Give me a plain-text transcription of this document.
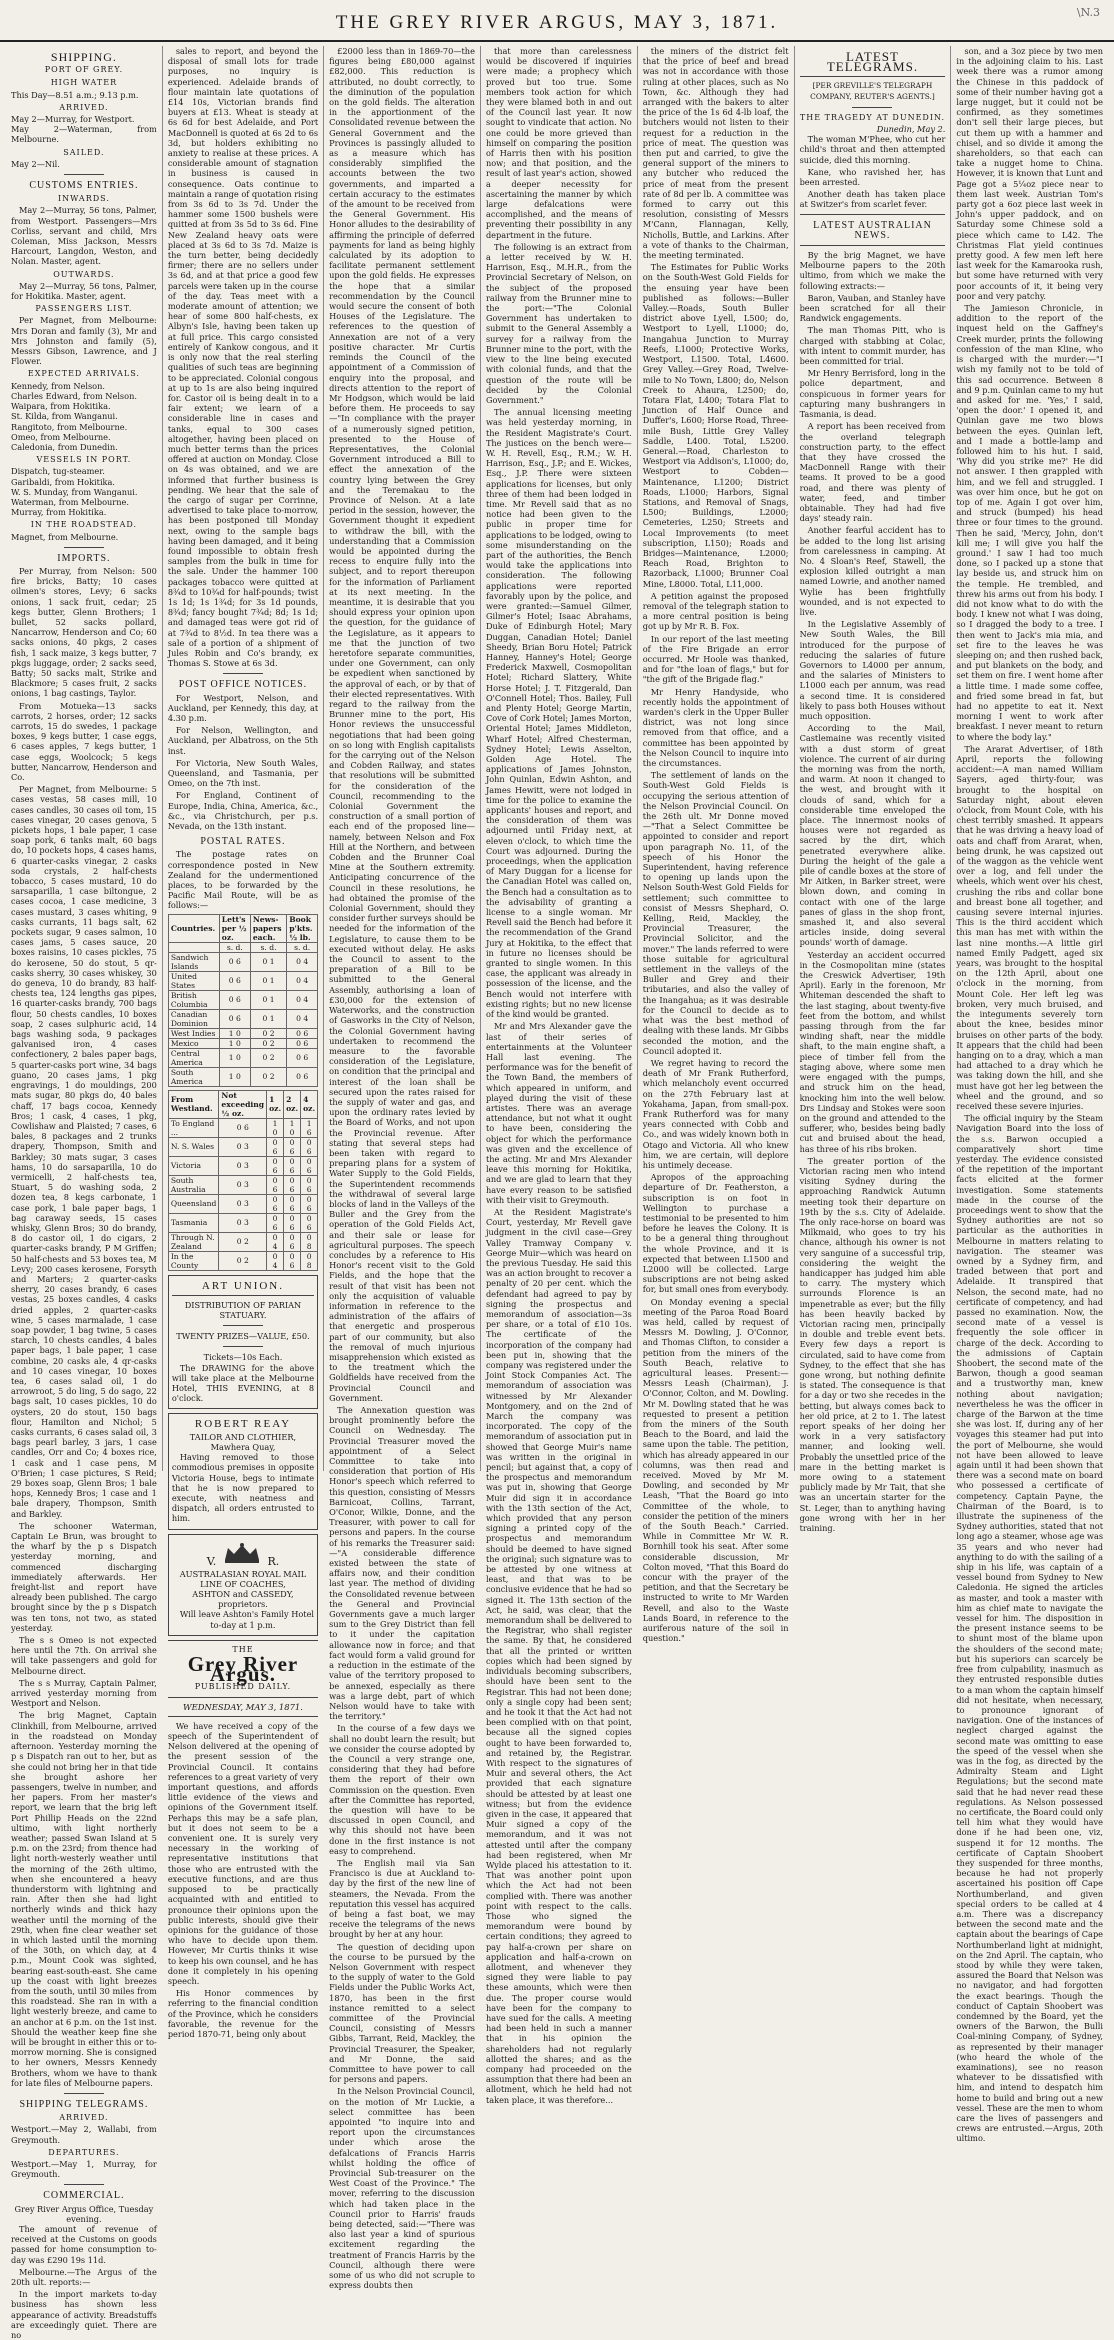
THE GREY RIVER ARGUS, MAY 3, 1871.	\N.3
SHIPPING.
PORT OF GREY.
HIGH WATER

This Day—8.51 a.m.; 9.13 p.m.

ARRIVED.

May 2—Murray, for Westport.

May 2—Waterman, from Melbourne.

SAILED.

May 2—Nil.

CUSTOMS ENTRIES.
INWARDS.

May 2—Murray, 56 tons, Palmer, from Westport. Passengers—Mrs Corliss, servant and child, Mrs Coleman, Miss Jackson, Messrs Harcourt, Langdon, Weston, and Nolan. Master, agent.

OUTWARDS.

May 2—Murray, 56 tons, Palmer, for Hokitika. Master, agent.

PASSENGERS LIST.

Per Magnet, from Melbourne: Mrs Doran and family (3), Mr and Mrs Johnston and family (5), Messrs Gibson, Lawrence, and J Flower.

EXPECTED ARRIVALS.

Kennedy, from Nelson.

Charles Edward, from Nelson.

Waipara, from Hokitika.

St. Kilda, from Wanganui.

Rangitoto, from Melbourne.

Omeo, from Melbourne.

Caledonia, from Dunedin.

VESSELS IN PORT.

Dispatch, tug-steamer.

Garibaldi, from Hokitika.

W. S. Munday, from Wanganui.

Waterman, from Melbourne.

Murray, from Hokitika.

IN THE ROADSTEAD.

Magnet, from Melbourne.

IMPORTS.

Per Murray, from Nelson: 500 fire bricks, Batty; 10 cases oilmen's stores, Levy; 6 sacks onions, 1 sack fruit, cedar; 25 kegs butter, Glenn Brothers; 1 bullet, 52 sacks pollard, Nancarrow, Henderson and Co; 60 sacks onions, 40 pkgs, 2 cases fish, 1 sack maize, 3 kegs butter, 7 pkgs luggage, order; 2 sacks seed, Batty; 50 sacks malt, Strike and Blackmore; 5 cases fruit, 2 sacks onions, 1 bag castings, Taylor.

From Motueka—13 sacks carrots, 2 horses, order; 12 sacks carrots, 15 do swedes, 1 package boxes, 9 kegs butter, 1 case eggs, 6 cases apples, 7 kegs butter, 1 case eggs, Woolcock; 5 kegs butter, Nancarrow, Henderson and Co.

Per Magnet, from Melbourne: 5 cases vestas, 58 cases mill, 10 cases candles, 30 cases oil tom, 15 cases vinegar, 20 cases genova, 5 pickets hops, 1 bale paper, 1 case soap pork, 6 tanks malt, 60 bags do, 10 pockets hops, 4 cases hams, 6 quarter-casks vinegar, 2 casks soda crystals, 2 half-chests tobacco, 5 cases mustard, 10 do sarsaparilla, 1 case biltongue, 2 cases cocoa, 1 case medicine, 3 cases mustard, 3 cases whiting, 9 casks currants, 11 bags salt, 62 pockets sugar, 9 cases salmon, 10 cases jams, 5 cases sauce, 20 boxes raisins, 10 cases pickles, 75 do kerosene, 50 do stout, 5 qr-casks sherry, 30 cases whiskey, 30 do geneva, 10 do brandy, 83 half-chests tea, 124 lengths gas pipes, 16 quarter-casks brandy, 700 bags flour, 50 chests candles, 10 boxes soap, 2 cases sulphuric acid, 14 bags washing soda, 9 packages galvanised iron, 4 cases confectionery, 2 bales paper bags, 5 quarter-casks port wine, 34 bags guano, 20 cases jams, 1 pkg engravings, 1 do mouldings, 200 mats sugar, 80 pkgs do, 40 bales chaff, 17 bags cocoa, Kennedy Bros; 1 cask, 4 cases, 1 pkg, Cowlishaw and Plaisted; 7 cases, 6 bales, 8 packages and 2 trunks drapery, Thompson, Smith and Barkley; 30 mats sugar, 3 cases hams, 10 do sarsaparilla, 10 do vermicelli, 2 half-chests tea, Stuart, 5 do washing soda, 2 dozen tea, 8 kegs carbonate, 1 case pork, 1 bale paper bags, 1 bag caraway seeds, 15 cases whisky, Glenn Bros; 30 do brandy, 8 do castor oil, 1 do cigars, 2 quarter-casks brandy, P M Griffen; 50 half-chests and 53 boxes tea, M Levy; 200 cases kerosene, Forsyth and Marters; 2 quarter-casks sherry, 20 cases brandy, 6 cases vestas, 25 boxes candles, 4 casks dried apples, 2 quarter-casks wine, 5 cases marmalade, 1 case soap powder, 1 bag twine, 5 cases starch, 10 chests candles, 4 bales paper bags, 1 bale paper, 1 case combine, 20 casks ale, 4 qr-casks and 10 cases vinegar, 10 boxes tea, 6 cases salad oil, 1 do arrowroot, 5 do ling, 5 do sago, 22 bags salt, 10 cases pickles, 10 do oysters, 20 do stout, 150 bags flour, Hamilton and Nichol; 5 casks currants, 6 cases salad oil, 3 bags pearl barley, 3 jars, 1 case candles, Orr and Co; 4 boxes rice, 1 cask and 1 case pens, M O'Brien; 1 case pictures, S Reid; 29 boxes soap, Glenn Bros; 1 bale hops, Kennedy Bros; 1 case and 1 bale drapery, Thompson, Smith and Barkley.

The schooner Waterman, Captain Le Brun, was brought to the wharf by the p s Dispatch yesterday morning, and commenced discharging immediately afterwards. Her freight-list and report have already been published. The cargo brought since by the p s Dispatch was ten tons, not two, as stated yesterday.

The s s Omeo is not expected here until the 7th. On arrival she will take passengers and gold for Melbourne direct.

The s s Murray, Captain Palmer, arrived yesterday morning from Westport and Nelson.

The brig Magnet, Captain Clinkhill, from Melbourne, arrived in the roadstead on Monday afternoon. Yesterday morning the p s Dispatch ran out to her, but as she could not bring her in that tide she brought ashore her passengers, twelve in number, and her papers. From her master's report, we learn that the brig left Port Phillip Heads on the 22nd ultimo, with light northerly weather; passed Swan Island at 5 p.m. on the 23rd; from thence had light north-westerly weather until the morning of the 26th ultimo, when she encountered a heavy thunderstorm with lightning and rain. After then she had light northerly winds and thick hazy weather until the morning of the 29th, when fine clear weather set in which lasted until the morning of the 30th, on which day, at 4 p.m., Mount Cook was sighted, bearing east-south-east. She came up the coast with light breezes from the south, until 30 miles from this roadstead. She ran in with a light westerly breeze, and came to an anchor at 6 p.m. on the 1st inst. Should the weather keep fine she will be brought in either this or to-morrow morning. She is consigned to her owners, Messrs Kennedy Brothers, whom we have to thank for late files of Melbourne papers.

SHIPPING TELEGRAMS.
ARRIVED.

Westport.—May 2, Wallabi, from Greymouth.

DEPARTURES.

Westport.—May 1, Murray, for Greymouth.

COMMERCIAL.

Grey River Argus Office, Tuesday evening.

The amount of revenue of received at the Customs on goods passed for home consumption to-day was £290 19s 11d.

Melbourne.—The Argus of the 20th ult. reports:—

In the import markets to-day business has shown less appearance of activity. Breadstuffs are exceedingly quiet. There are no

sales to report, and beyond the disposal of small lots for trade purposes, no inquiry is experienced. Adelaide brands of flour maintain late quotations of £14 10s, Victorian brands find buyers at £13. Wheat is steady at 6s 6d for best Adelaide, and Port MacDonnell is quoted at 6s 2d to 6s 3d, but holders exhibiting no anxiety to realise at these prices. A considerable amount of stagnation in business is caused in consequence. Oats continue to maintain a range of quotation rising from 3s 6d to 3s 7d. Under the hammer some 1500 bushels were quitted at from 3s 5d to 3s 6d. Fine New Zealand heavy oats were placed at 3s 6d to 3s 7d. Maize is the turn better, being decidedly firmer; there are no sellers under 3s 6d, and at that price a good few parcels were taken up in the course of the day. Teas meet with a moderate amount of attention; we hear of some 800 half-chests, ex Albyn's Isle, having been taken up at full price. This cargo consisted entirely of Kankow congous, and it is only now that the real sterling qualities of such teas are beginning to be appreciated. Colonial congous at up to 1s are also being inquired for. Castor oil is being dealt in to a fair extent; we learn of a considerable line in cases and tanks, equal to 300 cases altogether, having been placed on much better terms than the prices offered at auction on Monday. Close on 4s was obtained, and we are informed that further business is pending. We hear that the sale of the cargo of sugar per Corrinne, advertised to take place to-morrow, has been postponed till Monday next, owing to the sample bags having been damaged, and it being found impossible to obtain fresh samples from the bulk in time for the sale. Under the hammer 100 packages tobacco were quitted at 8¾d to 10¾d for half-pounds; twist 1s 1d; 1s 1¾d; for 3s 1d pounds, 8¾d; fancy bought 7¾d; 8d; 1s 1d; and damaged teas were got rid of at 7¾d to 8½d. In tea there was a sale of a portion of a shipment of Jules Robin and Co's brandy, ex Thomas S. Stowe at 6s 3d.

POST OFFICE NOTICES.

For Westport, Nelson, and Auckland, per Kennedy, this day, at 4.30 p.m.

For Nelson, Wellington, and Auckland, per Albatross, on the 5th inst.

For Victoria, New South Wales, Queensland, and Tasmania, per Omeo, on the 7th inst.

For England, Continent of Europe, India, China, America, &c., &c., via Christchurch, per p.s. Nevada, on the 13th instant.

POSTAL RATES.

The postage rates on correspondence posted in New Zealand for the undermentioned places, to be forwarded by the Pacific Mail Route, will be as follows:—

Countries.	Lett's per ½ oz.	News-papers each.	Book p'kts. ½ lb.
	s. d.	s. d.	s. d.
Sandwich Islands	0 6	0 1	0 4
United States	0 6	0 1	0 4
British Columbia	0 6	0 1	0 4
Canadian Dominion	0 6	0 1	0 4
West Indies	1 0	0 2	0 6
Mexico	1 0	0 2	0 6
Central America	1 0	0 2	0 6
South America	1 0	0 2	0 6
From Westland.	Not exceeding ½ oz.	1 oz.	2 oz.	4 oz.
To England ...	0 6	1 0	1 0	1 6
N. S. Wales	0 3	0 6	0 6	0 6
Victoria	0 3	0 6	0 6	0 6
South Australia	0 3	0 6	0 6	0 6
Queensland	0 3	0 6	0 6	0 6
Tasmania	0 3	0 6	0 6	0 6
Through N. Zealand	0 2	0 4	0 6	0 8
In the County	0 2	0 4	0 6	0 8
ART UNION.

DISTRIBUTION OF PARIAN STATUARY.

TWENTY PRIZES—VALUE, £50.

Tickets—10s Each.

The DRAWING for the above will take place at the Melbourne Hotel, THIS EVENING, at 8 o'clock.

ROBERT REAY

TAILOR AND CLOTHIER, Mawhera Quay,

Having removed to those commodious premises in opposite Victoria House, begs to intimate that he is now prepared to execute, with neatness and dispatch, all orders entrusted to him.

V.	R.

AUSTRALASIAN ROYAL MAIL LINE OF COACHES,

ASHTON and CASSEDY, proprietors.

Will leave Ashton's Family Hotel to-day at 1 p.m.

THE
Grey River Argus.
PUBLISHED DAILY.
WEDNESDAY, MAY 3, 1871.

We have received a copy of the speech of the Superintendent of Nelson delivered at the opening of the present session of the Provincial Council. It contains references to a great variety of very important questions, and affords little evidence of the views and opinions of the Government itself. Perhaps this may be a safe plan, but it does not seem to be a convenient one. It is surely very necessary in the working of representative institutions that those who are entrusted with the executive functions, and are thus supposed to be practically acquainted with and entitled to pronounce their opinions upon the public interests, should give their opinions for the guidance of those who have to decide upon them. However, Mr Curtis thinks it wise to keep his own counsel, and he has done it completely in his opening speech.

His Honor commences by referring to the financial condition of the Province, which he considers favorable, the revenue for the period 1870-71, being only about

£2000 less than in 1869-70—the figures being £80,000 against £82,000. This reduction is attributed, no doubt correctly, to the diminution of the population on the gold fields. The alteration in the apportionment of the Consolidated revenue between the General Government and the Provinces is passingly alluded to as a measure which has considerably simplified the accounts between the two governments, and imparted a certain accuracy to the estimates of the amount to be received from the General Government. His Honor alludes to the desirability of affirming the principle of deferred payments for land as being highly calculated by its adoption to facilitate permanent settlement upon the gold fields. He expresses the hope that a similar recommendation by the Council would secure the consent of both Houses of the Legislature. The references to the question of Annexation are not of a very positive character. Mr Curtis reminds the Council of the appointment of a Commission of enquiry into the proposal, and directs attention to the report of Mr Hodgson, which would be laid before them. He proceeds to say—"In compliance with the prayer of a numerously signed petition, presented to the House of Representatives, the Colonial Government introduced a Bill to effect the annexation of the country lying between the Grey and the Teremakau to the Province of Nelson. At a late period in the session, however, the Government thought it expedient to withdraw the bill, with the understanding that a Commission would be appointed during the recess to enquire fully into the subject, and to report thereupon for the information of Parliament at its next meeting. In the meantime, it is desirable that you should express your opinion upon the question, for the guidance of the Legislature, as it appears to me that the junction of two heretofore separate communities, under one Government, can only be expedient when sanctioned by the approval of each, or by that of their elected representatives. With regard to the railway from the Brunner mine to the port, His Honor reviews the unsuccessful negotiations that had been going on so long with English capitalists for the carrying out of the Nelson and Cobden Railway, and states that resolutions will be submitted for the consideration of the Council, recommending to the Colonial Government the construction of a small portion of each end of the proposed line—namely, between Nelson and Fox Hill at the Northern, and between Cobden and the Brunner Coal Mine at the Southern extremity. Anticipating concurrence of the Council in these resolutions, he had obtained the promise of the Colonial Government, should they consider further surveys should be needed for the information of the Legislature, to cause them to be executed without delay. He asks the Council to assent to the preparation of a Bill to be submitted to the General Assembly, authorising a loan of £30,000 for the extension of Waterworks, and the construction of Gasworks in the City of Nelson, the Colonial Government having undertaken to recommend the measure to the favorable consideration of the Legislature, on condition that the principal and interest of the loan shall be secured upon the rates raised for the supply of water and gas, and upon the ordinary rates levied by the Board of Works, and not upon the Provincial revenue. After stating that several steps had been taken with regard to preparing plans for a system of Water Supply to the Gold Fields, the Superintendent recommends the withdrawal of several large blocks of land in the Valleys of the Buller and the Grey from the operation of the Gold Fields Act, and their sale or lease for agricultural purposes. The speech concludes by a reference to His Honor's recent visit to the Gold Fields, and the hope that the result of that visit has been not only the acquisition of valuable information in reference to the administration of the affairs of that energetic and prosperous part of our community, but also the removal of much injurious misapprehension which existed as to the treatment which the Goldfields have received from the Provincial Council and Government.

The Annexation question was brought prominently before the Council on Wednesday. The Provincial Treasurer moved the appointment of a Select Committee to take into consideration that portion of His Honor's speech which referred to this question, consisting of Messrs Barnicoat, Collins, Tarrant, O'Conor, Wilkie, Donne, and the Treasurer, with power to call for persons and papers. In the course of his remarks the Treasurer said:—"A considerable difference existed between the state of affairs now, and their condition last year. The method of dividing the Consolidated revenue between the General and Provincial Governments gave a much larger sum to the Grey District than fell to it under the capitation allowance now in force; and that fact would form a valid ground for a reduction in the estimate of the value of the territory proposed to be annexed, especially as there was a large debt, part of which Nelson would have to take with the territory."

In the course of a few days we shall no doubt learn the result; but we consider the course adopted by the Council a very strange one, considering that they had before them the report of their own Commission on the question. Even after the Committee has reported, the question will have to be discussed in open Council, and why this should not have been done in the first instance is not easy to comprehend.

The English mail via San Francisco is due at Auckland to-day by the first of the new line of steamers, the Nevada. From the reputation this vessel has acquired of being a fast boat, we may receive the telegrams of the news brought by her at any hour.

The question of deciding upon the course to be pursued by the Nelson Government with respect to the supply of water to the Gold Fields under the Public Works Act, 1870, has been in the first instance remitted to a select committee of the Provincial Council, consisting of Messrs Gibbs, Tarrant, Reid, Mackley, the Provincial Treasurer, the Speaker, and Mr Donne, the said Committee to have power to call for persons and papers.

In the Nelson Provincial Council, on the motion of Mr Luckie, a select committee has been appointed "to inquire into and report upon the circumstances under which arose the defalcations of Francis Harris whilst holding the office of Provincial Sub-treasurer on the West Coast of the Province." The mover, referring to the discussion which had taken place in the Council prior to Harris' frauds being detected, said:—"There was also last year a kind of spurious excitement regarding the treatment of Francis Harris by the Council, although there were some of us who did not scruple to express doubts then

that more than carelessness would be discovered if inquiries were made; a prophecy which proved but too true. Some members took action for which they were blamed both in and out of the Council last year. It now sought to vindicate that action. No one could be more grieved than himself on comparing the position of Harris then with his position now; and that position, and the result of last year's action, showed a deeper necessity for ascertaining the manner by which large defalcations were accomplished, and the means of preventing their possibility in any department in the future.

The following is an extract from a letter received by W. H. Harrison, Esq., M.H.R., from the Provincial Secretary of Nelson, on the subject of the proposed railway from the Brunner mine to the port:—"The Colonial Government has undertaken to submit to the General Assembly a survey for a railway from the Brunner mine to the port, with the view to the line being executed with colonial funds, and that the question of the route will be decided by the Colonial Government."

The annual licensing meeting was held yesterday morning, in the Resident Magistrate's Court. The justices on the bench were—W. H. Revell, Esq., R.M.; W. H. Harrison, Esq., J.P.; and E. Wickes, Esq., J.P. There were sixteen applications for licenses, but only three of them had been lodged in time. Mr Revell said that as no notice had been given to the public in proper time for applications to be lodged, owing to some misunderstanding on the part of the authorities, the Bench would take the applications into consideration. The following applications were reported favorably upon by the police, and were granted:—Samuel Gilmer, Gilmer's Hotel; Isaac Abrahams, Duke of Edinburgh Hotel; Mary Duggan, Canadian Hotel; Daniel Sheedy, Brian Boru Hotel; Patrick Hanney, Hanney's Hotel; George Frederick Maxwell, Cosmopolitan Hotel; Richard Slattery, White Horse Hotel; J. T. Fitzgerald, Dan O'Connell Hotel; Thos. Bailey, Full and Plenty Hotel; George Martin, Cove of Cork Hotel; James Morton, Oriental Hotel; James Middleton, Wharf Hotel; Alfred Chesterman, Sydney Hotel; Lewis Asselton, Golden Age Hotel. The applications of James Johnston, John Quinlan, Edwin Ashton, and James Hewitt, were not lodged in time for the police to examine the applicants' houses and report, and the consideration of them was adjourned until Friday next, at eleven o'clock, to which time the Court was adjourned. During the proceedings, when the application of Mary Duggan for a license for the Canadian Hotel was called on, the Bench had a consultation as to the advisability of granting a license to a single woman. Mr Revell said the Bench had before it the recommendation of the Grand Jury at Hokitika, to the effect that in future no licenses should be granted to single women. In this case, the applicant was already in possession of the license, and the Bench would not interfere with existing rights; but no new license of the kind would be granted.

Mr and Mrs Alexander gave the last of their series of entertainments at the Volunteer Hall last evening. The performance was for the benefit of the Town Band, the members of which appeared in uniform, and played during the visit of these artistes. There was an average attendance, but not what it ought to have been, considering the object for which the performance was given and the excellence of the acting. Mr and Mrs Alexander leave this morning for Hokitika, and we are glad to learn that they have every reason to be satisfied with their visit to Greymouth.

At the Resident Magistrate's Court, yesterday, Mr Revell gave judgment in the civil case—Grey Valley Tramway Company v. George Muir—which was heard on the previous Tuesday. He said this was an action brought to recover a penalty of 20 per cent. which the defendant had agreed to pay by signing the prospectus and memorandum of association—3s per share, or a total of £10 10s. The certificate of the incorporation of the company had been put in, showing that the company was registered under the Joint Stock Companies Act. The memorandum of association was witnessed by Mr Alexander Montgomery, and on the 2nd of March the company was incorporated. The copy of the memorandum of association put in showed that George Muir's name was written in the original in pencil; but against that, a copy of the prospectus and memorandum was put in, showing that George Muir did sign it in accordance with the 13th section of the Act, which provided that any person signing a printed copy of the prospectus and memorandum should be deemed to have signed the original; such signature was to be attested by one witness at least, and that was to be conclusive evidence that he had so signed it. The 13th section of the Act, he said, was clear, that the memorandum shall be delivered to the Registrar, who shall register the same. By that, he considered that all the printed or written copies which had been signed by individuals becoming subscribers, should have been sent to the Registrar. This had not been done; only a single copy had been sent; and he took it that the Act had not been complied with on that point, because all the signed copies ought to have been forwarded to, and retained by, the Registrar. With respect to the signatures of Muir and several others, the Act provided that each signature should be attested by at least one witness; but from the evidence given in the case, it appeared that Muir signed a copy of the memorandum, and it was not attested until after the company had been registered, when Mr Wylde placed his attestation to it. That was another point upon which the Act had not been complied with. There was another point with respect to the calls. Those who signed the memorandum were bound by certain conditions; they agreed to pay half-a-crown per share on application and half-a-crown on allotment, and whenever they signed they were liable to pay these amounts, which were then due. The proper course would have been for the company to have sued for the calls. A meeting had been held in such a manner that in his opinion the shareholders had not regularly allotted the shares; and as the company had proceeded on the assumption that there had been an allotment, which he held had not taken place, it was therefore...

the miners of the district felt that the price of beef and bread was not in accordance with those ruling at other places, such as No Town, &c. Although they had arranged with the bakers to alter the price of the 1s 6d 4-lb loaf, the butchers would not listen to their request for a reduction in the price of meat. The question was then put and carried, to give the general support of the miners to any butcher who reduced the price of meat from the present rate of 8d per lb. A committee was formed to carry out this resolution, consisting of Messrs M'Cann, Flannagan, Kelly, Nicholls, Buttle, and Larkins. After a vote of thanks to the Chairman, the meeting terminated.

The Estimates for Public Works on the South-West Gold Fields for the ensuing year have been published as follows:—Buller Valley.—Roads, South Buller district above Lyell, L500; do, Westport to Lyell, L1000; do, Inangahua Junction to Murray Reefs, L1000; Protective Works, Westport, L1500. Total, L4600. Grey Valley.—Grey Road, Twelve-mile to No Town, L800; do, Nelson Creek to Ahaura, L2500; do, Totara Flat, L400; Totara Flat to Junction of Half Ounce and Duffer's, L600; Horse Road, Three-mile Bush, Little Grey Valley Saddle, L400. Total, L5200. General.—Road, Charleston to Westport via Addison's, L1000; do, Westport to Cobden—Maintenance, L1200; District Roads, L1000; Harbors, Signal Stations, and Removal of Snags, L500; Buildings, L2000; Cemeteries, L250; Streets and Local Improvements (to meet subscription, L150); Roads and Bridges—Maintenance, L2000; Reach Road, Brighton to Razorback, L1000; Brunner Coal Mine, L8000. Total, L11,000.

A petition against the proposed removal of the telegraph station to a more central position is being got up by Mr R. B. Fox.

In our report of the last meeting of the Fire Brigade an error occurred. Mr Hoole was thanked, and for "the loan of flags," but for "the gift of the Brigade flag."

Mr Henry Handyside, who recently holds the appointment of warden's clerk in the Upper Buller district, was not long since removed from that office, and a committee has been appointed by the Nelson Council to inquire into the circumstances.

The settlement of lands on the South-West Gold Fields is occupying the serious attention of the Nelson Provincial Council. On the 26th ult. Mr Donne moved —"That a Select Committee be appointed to consider and report upon paragraph No. 11, of the speech of his Honor the Superintendent, having reference to opening up lands upon the Nelson South-West Gold Fields for settlement; such committee to consist of Messrs Shephard, O. Kelling, Reid, Mackley, the Provincial Treasurer, the Provincial Solicitor, and the mover." The lands referred to were those suitable for agricultural settlement in the valleys of the Buller and Grey and their tributaries, and also the valley of the Inangahua; as it was desirable for the Council to decide as to what was the best method of dealing with these lands. Mr Gibbs seconded the motion, and the Council adopted it.

We regret having to record the death of Mr Frank Rutherford, which melancholy event occurred on the 27th February last at Yokahama, Japan, from small-pox. Frank Rutherford was for many years connected with Cobb and Co., and was widely known both in Otago and Victoria. All who knew him, we are certain, will deplore his untimely decease.

Apropos of the approaching departure of Dr. Featherston, a subscription is on foot in Wellington to purchase a testimonial to be presented to him before he leaves the Colony. It is to be a general thing throughout the whole Province, and it is expected that between L1500 and L2000 will be collected. Large subscriptions are not being asked for, but small ones from everybody.

On Monday evening a special meeting of the Paroa Road Board was held, called by request of Messrs M. Dowling, J. O'Connor, and Thomas Clifton, to consider a petition from the miners of the South Beach, relative to agricultural leases. Present:—Messrs Leash (Chairman), J. O'Connor, Colton, and M. Dowling. Mr M. Dowling stated that he was requested to present a petition from the miners of the South Beach to the Board, and laid the same upon the table. The petition, which has already appeared in our columns, was then read and received. Moved by Mr M. Dowling, and seconded by Mr Leash, "That the Board go into Committee of the whole, to consider the petition of the miners of the South Beach." Carried. While in Committee Mr W. R. Bornhill took his seat. After some considerable discussion, Mr Colton moved, "That this Board do concur with the prayer of the petition, and that the Secretary be instructed to write to Mr Warden Revell, and also to the Waste Lands Board, in reference to the auriferous nature of the soil in question."

LATEST TELEGRAMS.

[PER GREVILLE'S TELEGRAPH COMPANY, REUTER'S AGENTS.]

THE TRAGEDY AT DUNEDIN.

Dunedin, May 2.

The woman M'Phee, who cut her child's throat and then attempted suicide, died this morning.

Kane, who ravished her, has been arrested.

Another death has taken place at Switzer's from scarlet fever.

LATEST AUSTRALIAN NEWS.

By the brig Magnet, we have Melbourne papers to the 20th ultimo, from which we make the following extracts:—

Baron, Vauban, and Stanley have been scratched for all their Randwick engagements.

The man Thomas Pitt, who is charged with stabbing at Colac, with intent to commit murder, has been committed for trial.

Mr Henry Berrisford, long in the police department, and conspicuous in former years for capturing many bushrangers in Tasmania, is dead.

A report has been received from the overland telegraph construction party, to the effect that they have crossed the MacDonnell Range with their teams. It proved to be a good road, and there was plenty of water, feed, and timber obtainable. They had had five days' steady rain.

Another fearful accident has to be added to the long list arising from carelessness in camping. At No. 4 Sloan's Reef, Stawell, the explosion killed outright a man named Lowrie, and another named Wylie has been frightfully wounded, and is not expected to live.

In the Legislative Assembly of New South Wales, the Bill introduced for the purpose of reducing the salaries of future Governors to L4000 per annum, and the salaries of Ministers to L1000 each per annum, was read a second time. It is considered likely to pass both Houses without much opposition.

According to the Mail, Castlemaine was recently visited with a dust storm of great violence. The current of air during the morning was from the north, and warm. At noon it changed to the west, and brought with it clouds of sand, which for a considerable time enveloped the place. The innermost nooks of houses were not regarded as sacred by the dirt, which penetrated everywhere alike. During the height of the gale a pile of candle boxes at the store of Mr Aitken, in Barker street, were blown down, and coming in contact with one of the large panes of glass in the shop front, smashed it, and also several articles inside, doing several pounds' worth of damage.

Yesterday an accident occurred in the Cosmopolitan mine (states the Creswick Advertiser, 19th April). Early in the forenoon, Mr Whiteman descended the shaft to the last staging, about twenty-five feet from the bottom, and whilst passing through from the far winding shaft, near the middle shaft, to the main engine shaft, a piece of timber fell from the staging above, where some men were engaged with the pumps, and struck him on the head, knocking him into the well below. Drs Lindsay and Stokes were soon on the ground and attended to the sufferer, who, besides being badly cut and bruised about the head, has three of his ribs broken.

The greater portion of the Victorian racing men who intend visiting Sydney during the approaching Randwick Autumn meeting took their departure on 19th by the s.s. City of Adelaide. The only race-horse on board was Milkmaid, who goes to try his chance, although his owner is not very sanguine of a successful trip, considering the weight the handicapper has judged him able to carry. The mystery which surrounds Florence is an impenetrable as ever; but the filly has been heavily backed by Victorian racing men, principally in double and treble event bets. Every few days a report is circulated, said to have come from Sydney, to the effect that she has gone wrong, but nothing definite is stated. The consequence is that for a day or two she recedes in the betting, but always comes back to her old price, at 2 to 1. The latest report speaks of her doing her work in a very satisfactory manner, and looking well. Probably the unsettled price of the mare in the betting market is more owing to a statement publicly made by Mr Tait, that she was an uncertain starter for the St. Leger, than to anything having gone wrong with her in her training.

son, and a 3oz piece by two men in the adjoining claim to his. Last week there was a rumor among the Chinese in this paddock of some of their number having got a large nugget, but it could not be confirmed, as they sometimes don't sell their large pieces, but cut them up with a hammer and chisel, and so divide it among the shareholders, so that each can take a nugget home to China. However, it is known that Lunt and Page got a 5¼oz piece near to them last week. Austrian Tom's party got a 6oz piece last week in John's upper paddock, and on Saturday some Chinese sold a piece which came to L42. The Christmas Flat yield continues pretty good. A few men left here last week for the Kamarooka rush, but some have returned with very poor accounts of it, it being very poor and very patchy.

The Jamieson Chronicle, in addition to the report of the inquest held on the Gaffney's Creek murder, prints the following confession of the man Kline, who is charged with the murder:—"I wish my family not to be told of this sad occurrence. Between 8 and 9 p.m. Quinlan came to my hut and asked for me. 'Yes,' I said, 'open the door.' I opened it, and Quinlan gave me two blows between the eyes. Quinlan left, and I made a bottle-lamp and followed him to his hut. I said, 'Why did you strike me?' He did not answer. I then grappled with him, and we fell and struggled. I was over him once, but he got on top of me. Again I got over him, and struck (bumped) his head three or four times to the ground. Then he said, 'Mercy, John, don't kill me; I will give you half the ground.' I saw I had too much done, so I packed up a stone that lay beside us, and struck him on the temple. He trembled, and threw his arms out from his body. I did not know what to do with the body. I knew not what I was doing, so I dragged the body to a tree. I then went to Jack's mia mia, and set fire to the leaves he was sleeping on; and then rushed back, and put blankets on the body, and set them on fire. I went home after a little time. I made some coffee, and fried some bread in fat, but had no appetite to eat it. Next morning I went to work after breakfast. I never meant to return to where the body lay."

The Ararat Advertiser, of 18th April, reports the following accident:—A man named William Sayers, aged thirty-four, was brought to the hospital on Saturday night, about eleven o'clock, from Mount Cole, with his chest terribly smashed. It appears that he was driving a heavy load of oats and chaff from Ararat, when, being drunk, he was capsized out of the waggon as the vehicle went over a log, and fell under the wheels, which went over his chest, crushing the ribs and collar bone and breast bone all together, and causing severe internal injuries. This is the third accident which this man has met with within the last nine months.—A little girl named Emily Padgett, aged six years, was brought to the hospital on the 12th April, about one o'clock in the morning, from Mount Cole. Her left leg was broken, very much bruised, and the integuments severely torn about the knee, besides minor bruises on other parts of the body. It appears that the child had been hanging on to a dray, which a man had attached to a dray which he was taking down the hill, and she must have got her leg between the wheel and the ground, and so received these severe injuries.

The official inquiry by the Steam Navigation Board into the loss of the s.s. Barwon occupied a comparatively short time yesterday. The evidence consisted of the repetition of the important facts elicited at the former investigation. Some statements made in the course of the proceedings went to show that the Sydney authorities are not so particular as the authorities in Melbourne in matters relating to navigation. The steamer was owned by a Sydney firm, and traded between that port and Adelaide. It transpired that Nelson, the second mate, had no certificate of competency, and had passed no examination. Now, the second mate of a vessel is frequently the sole officer in charge of the deck. According to the admissions of Captain Shoobert, the second mate of the Barwon, though a good seaman and a trustworthy man, knew nothing about navigation; nevertheless he was the officer in charge of the Barwon at the time she was lost. If, during any of her voyages this steamer had put into the port of Melbourne, she would not have been allowed to leave again until it had been shown that there was a second mate on board who possessed a certificate of competency. Captain Payne, the Chairman of the Board, is to illustrate the supineness of the Sydney authorities, stated that not long ago a steamer, whose age was 35 years and who never had anything to do with the sailing of a ship in his life, was captain of a vessel bound from Sydney to New Caledonia. He signed the articles as master, and took a master with him as chief mate to navigate the vessel for him. The disposition in the present instance seems to be to shunt most of the blame upon the shoulders of the second mate; but his superiors can scarcely be free from culpability, inasmuch as they entrusted responsible duties to a man whom the captain himself did not hesitate, when necessary, to pronounce ignorant of navigation. One of the instances of neglect charged against the second mate was omitting to ease the speed of the vessel when she was in the fog, as directed by the Admiralty Steam and Light Regulations; but the second mate said that he had never read these regulations. As Nelson possessed no certificate, the Board could only tell him what they would have done if he had been one, viz, suspend it for 12 months. The certificate of Captain Shoobert they suspended for three months, because he had not properly ascertained his position off Cape Northumberland, and given special orders to be called at 4 a.m. There was a discrepancy between the second mate and the captain about the bearings of Cape Northumberland light at midnight, on the 2nd April. The captain, who stood by while they were taken, assured the Board that Nelson was no navigator, and had forgotten the exact bearings. Though the conduct of Captain Shoobert was condemned by the Board, yet the owners of the Barwon, the Bulli Coal-mining Company, of Sydney, as represented by their manager (who heard the whole of the examinations), see no reason whatever to be dissatisfied with him, and intend to despatch him home to build and bring out a new vessel. These are the men to whom care the lives of passengers and crews are entrusted.—Argus, 20th ultimo.
